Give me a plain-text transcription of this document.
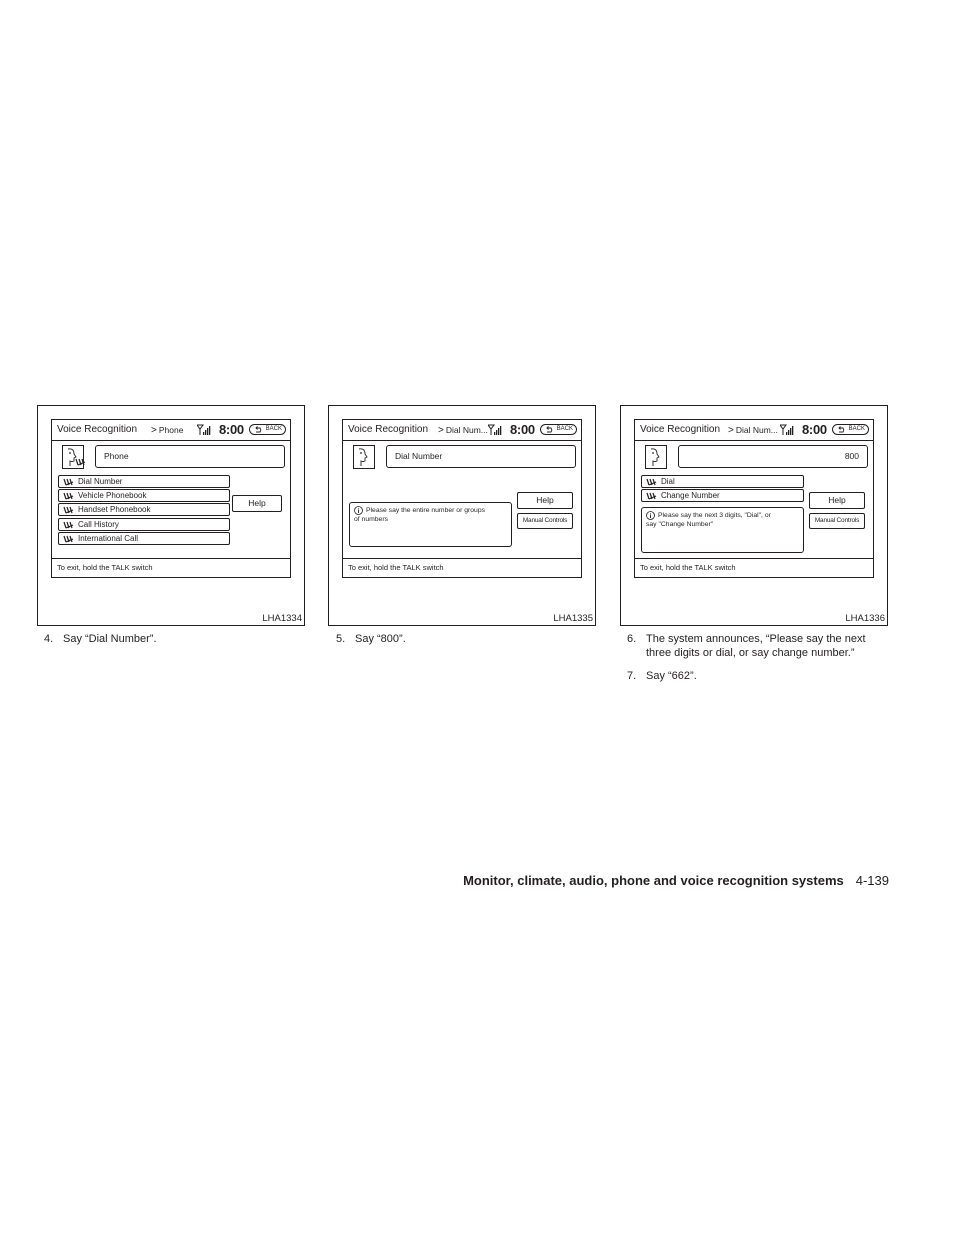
Voice Recognition > Phone	8:00	BACK
Phone
Dial Number
Vehicle Phonebook
Handset Phonebook
Call History
International Call
Help
To exit, hold the TALK switch
LHA1334
Voice Recognition > Dial Num... 8:00	BACK
Dial Number
Please say the entire number or groups
of numbers
Help
Manual Controls
To exit, hold the TALK switch
LHA1335
Voice Recognition > Dial Num... 8:00	BACK
800
Dial
Change Number
Please say the next 3 digits, "Dial", or
say "Change Number"
Help
Manual Controls
To exit, hold the TALK switch
LHA1336
4. Say “Dial Number”.	5. Say “800”.	6. The system announces, “Please say the next
three digits or dial, or say change number.”
7. Say “662”.
Monitor, climate, audio, phone and voice recognition systems 4-139
